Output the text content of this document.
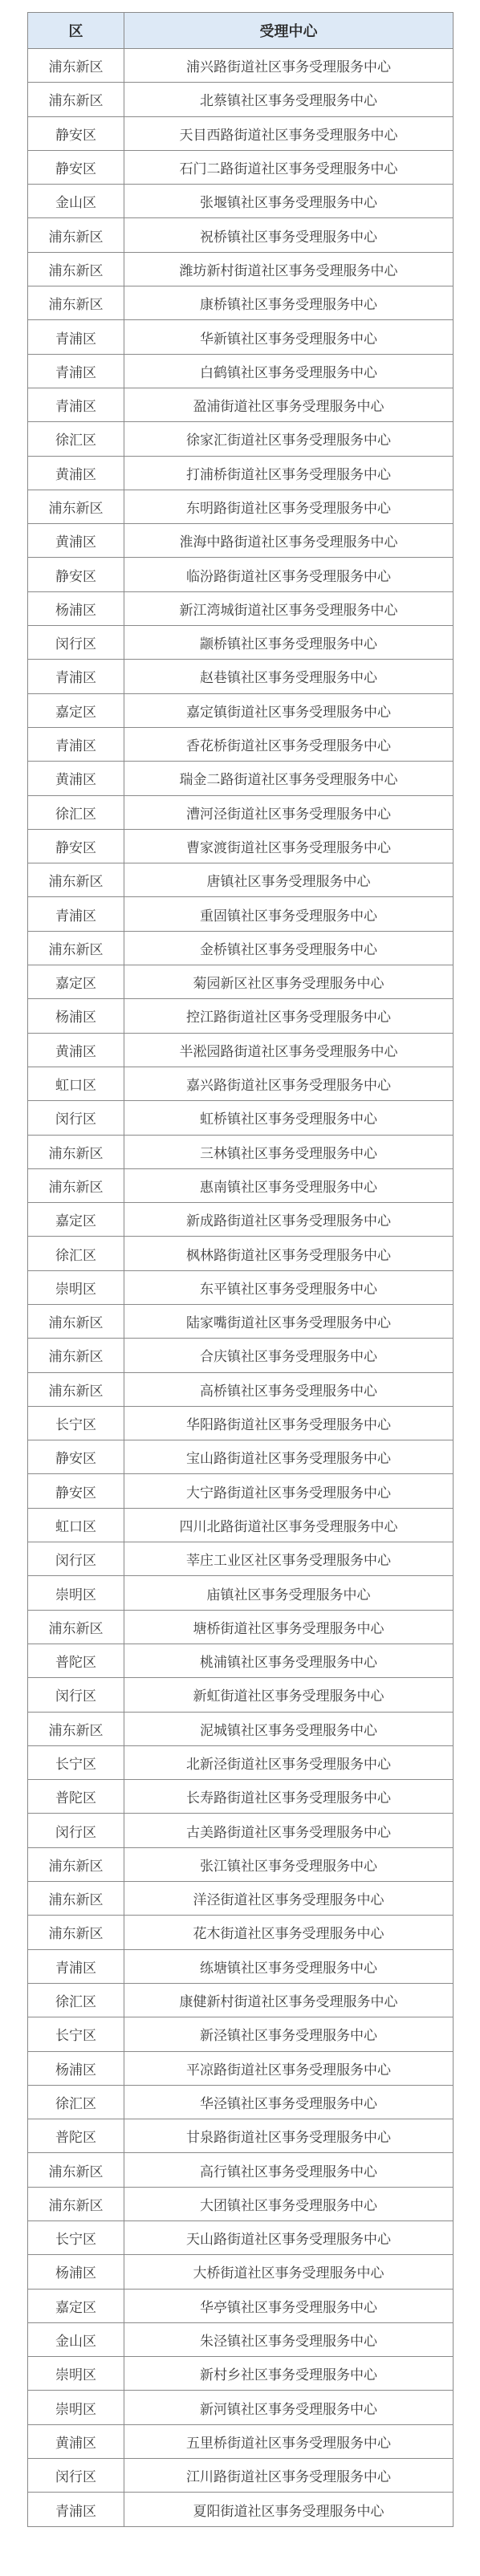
区	受理中心
浦东新区	浦兴路街道社区事务受理服务中心
浦东新区	北蔡镇社区事务受理服务中心
静安区	天目西路街道社区事务受理服务中心
静安区	石门二路街道社区事务受理服务中心
金山区	张堰镇社区事务受理服务中心
浦东新区	祝桥镇社区事务受理服务中心
浦东新区	潍坊新村街道社区事务受理服务中心
浦东新区	康桥镇社区事务受理服务中心
青浦区	华新镇社区事务受理服务中心
青浦区	白鹤镇社区事务受理服务中心
青浦区	盈浦街道社区事务受理服务中心
徐汇区	徐家汇街道社区事务受理服务中心
黄浦区	打浦桥街道社区事务受理服务中心
浦东新区	东明路街道社区事务受理服务中心
黄浦区	淮海中路街道社区事务受理服务中心
静安区	临汾路街道社区事务受理服务中心
杨浦区	新江湾城街道社区事务受理服务中心
闵行区	颛桥镇社区事务受理服务中心
青浦区	赵巷镇社区事务受理服务中心
嘉定区	嘉定镇街道社区事务受理服务中心
青浦区	香花桥街道社区事务受理服务中心
黄浦区	瑞金二路街道社区事务受理服务中心
徐汇区	漕河泾街道社区事务受理服务中心
静安区	曹家渡街道社区事务受理服务中心
浦东新区	唐镇社区事务受理服务中心
青浦区	重固镇社区事务受理服务中心
浦东新区	金桥镇社区事务受理服务中心
嘉定区	菊园新区社区事务受理服务中心
杨浦区	控江路街道社区事务受理服务中心
黄浦区	半淞园路街道社区事务受理服务中心
虹口区	嘉兴路街道社区事务受理服务中心
闵行区	虹桥镇社区事务受理服务中心
浦东新区	三林镇社区事务受理服务中心
浦东新区	惠南镇社区事务受理服务中心
嘉定区	新成路街道社区事务受理服务中心
徐汇区	枫林路街道社区事务受理服务中心
崇明区	东平镇社区事务受理服务中心
浦东新区	陆家嘴街道社区事务受理服务中心
浦东新区	合庆镇社区事务受理服务中心
浦东新区	高桥镇社区事务受理服务中心
长宁区	华阳路街道社区事务受理服务中心
静安区	宝山路街道社区事务受理服务中心
静安区	大宁路街道社区事务受理服务中心
虹口区	四川北路街道社区事务受理服务中心
闵行区	莘庄工业区社区事务受理服务中心
崇明区	庙镇社区事务受理服务中心
浦东新区	塘桥街道社区事务受理服务中心
普陀区	桃浦镇社区事务受理服务中心
闵行区	新虹街道社区事务受理服务中心
浦东新区	泥城镇社区事务受理服务中心
长宁区	北新泾街道社区事务受理服务中心
普陀区	长寿路街道社区事务受理服务中心
闵行区	古美路街道社区事务受理服务中心
浦东新区	张江镇社区事务受理服务中心
浦东新区	洋泾街道社区事务受理服务中心
浦东新区	花木街道社区事务受理服务中心
青浦区	练塘镇社区事务受理服务中心
徐汇区	康健新村街道社区事务受理服务中心
长宁区	新泾镇社区事务受理服务中心
杨浦区	平凉路街道社区事务受理服务中心
徐汇区	华泾镇社区事务受理服务中心
普陀区	甘泉路街道社区事务受理服务中心
浦东新区	高行镇社区事务受理服务中心
浦东新区	大团镇社区事务受理服务中心
长宁区	天山路街道社区事务受理服务中心
杨浦区	大桥街道社区事务受理服务中心
嘉定区	华亭镇社区事务受理服务中心
金山区	朱泾镇社区事务受理服务中心
崇明区	新村乡社区事务受理服务中心
崇明区	新河镇社区事务受理服务中心
黄浦区	五里桥街道社区事务受理服务中心
闵行区	江川路街道社区事务受理服务中心
青浦区	夏阳街道社区事务受理服务中心
